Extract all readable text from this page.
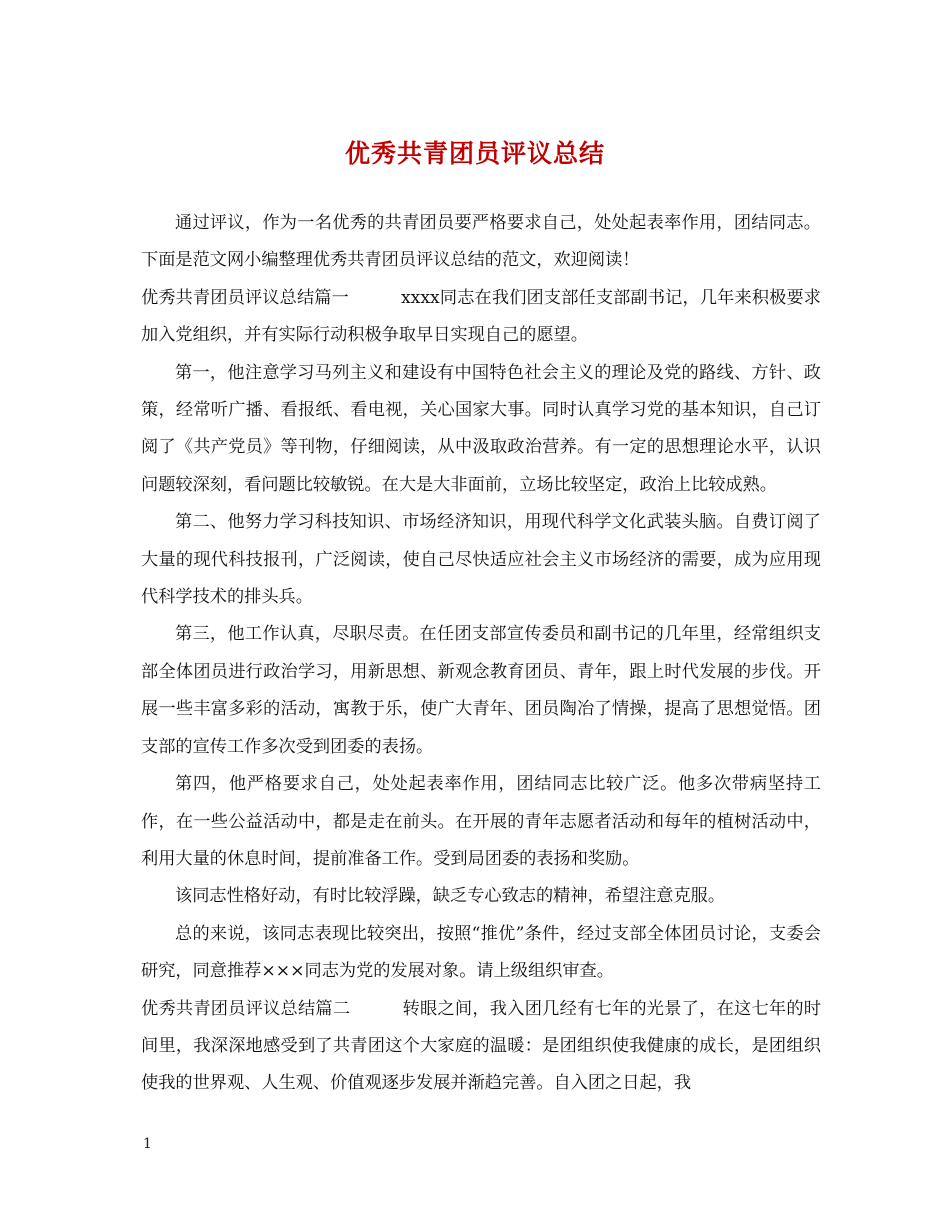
优秀共青团员评议总结

通过评议，作为一名优秀的共青团员要严格要求自己，处处起表率作用，团结同志。下面是范文网小编整理优秀共青团员评议总结的范文，欢迎阅读！

优秀共青团员评议总结篇一	xxxx同志在我们团支部任支部副书记，几年来积极要求加入党组织，并有实际行动积极争取早日实现自己的愿望。

第一，他注意学习马列主义和建设有中国特色社会主义的理论及党的路线、方针、政策，经常听广播、看报纸、看电视，关心国家大事。同时认真学习党的基本知识，自己订阅了《共产党员》等刊物，仔细阅读，从中汲取政治营养。有一定的思想理论水平，认识问题较深刻，看问题比较敏锐。在大是大非面前，立场比较坚定，政治上比较成熟。

第二、他努力学习科技知识、市场经济知识，用现代科学文化武装头脑。自费订阅了大量的现代科技报刊，广泛阅读，使自己尽快适应社会主义市场经济的需要，成为应用现代科学技术的排头兵。

第三，他工作认真，尽职尽责。在任团支部宣传委员和副书记的几年里，经常组织支部全体团员进行政治学习，用新思想、新观念教育团员、青年，跟上时代发展的步伐。开展一些丰富多彩的活动，寓教于乐，使广大青年、团员陶冶了情操，提高了思想觉悟。团支部的宣传工作多次受到团委的表扬。

第四，他严格要求自己，处处起表率作用，团结同志比较广泛。他多次带病坚持工作，在一些公益活动中，都是走在前头。在开展的青年志愿者活动和每年的植树活动中，利用大量的休息时间，提前准备工作。受到局团委的表扬和奖励。

该同志性格好动，有时比较浮躁，缺乏专心致志的精神，希望注意克服。

总的来说，该同志表现比较突出，按照“推优”条件，经过支部全体团员讨论，支委会研究，同意推荐×××同志为党的发展对象。请上级组织审查。

优秀共青团员评议总结篇二	转眼之间，我入团几经有七年的光景了，在这七年的时间里，我深深地感受到了共青团这个大家庭的温暖：是团组织使我健康的成长，是团组织使我的世界观、人生观、价值观逐步发展并渐趋完善。自入团之日起，我

1
